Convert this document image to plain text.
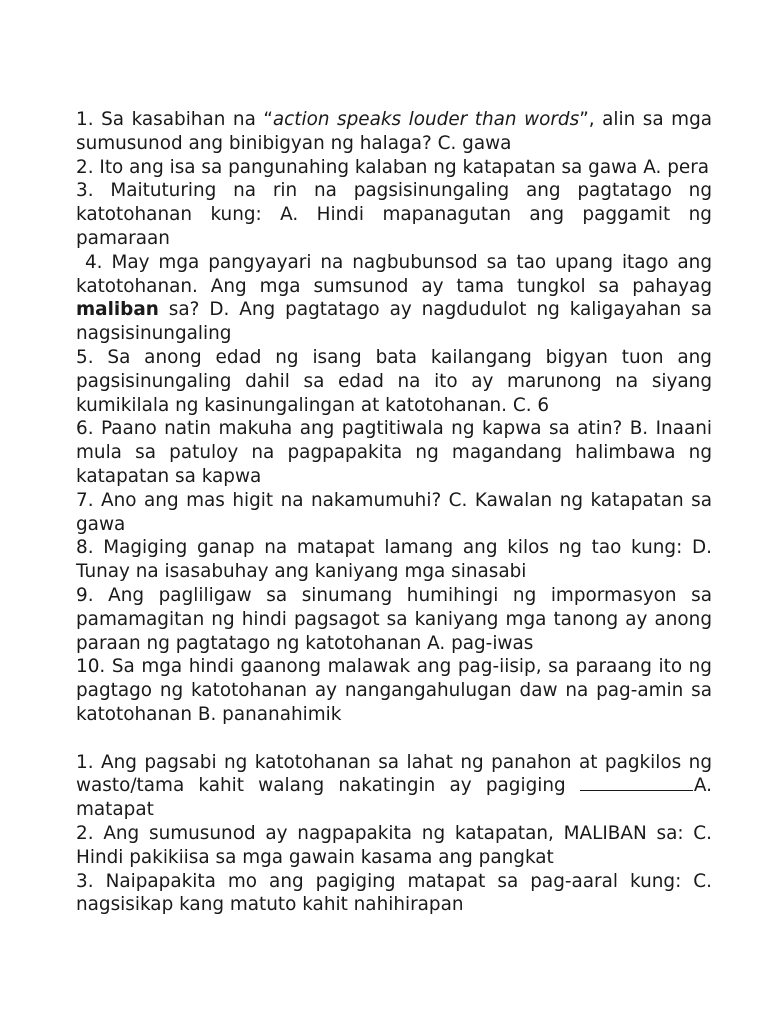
1. Sa kasabihan na “action speaks louder than words”, alin sa mga sumusunod ang binibigyan ng halaga? C. gawa

2. Ito ang isa sa pangunahing kalaban ng katapatan sa gawa A. pera

3. Maituturing na rin na pagsisinungaling ang pagtatago ng katotohanan kung: A. Hindi mapanagutan ang paggamit ng pamaraan

4. May mga pangyayari na nagbubunsod sa tao upang itago ang katotohanan. Ang mga sumsunod ay tama tungkol sa pahayag maliban sa? D. Ang pagtatago ay nagdudulot ng kaligayahan sa nagsisinungaling

5. Sa anong edad ng isang bata kailangang bigyan tuon ang pagsisinungaling dahil sa edad na ito ay marunong na siyang kumikilala ng kasinungalingan at katotohanan. C. 6

6. Paano natin makuha ang pagtitiwala ng kapwa sa atin? B. Inaani mula sa patuloy na pagpapakita ng magandang halimbawa ng katapatan sa kapwa

7. Ano ang mas higit na nakamumuhi? C. Kawalan ng katapatan sa gawa

8. Magiging ganap na matapat lamang ang kilos ng tao kung: D. Tunay na isasabuhay ang kaniyang mga sinasabi

9. Ang pagliligaw sa sinumang humihingi ng impormasyon sa pamamagitan ng hindi pagsagot sa kaniyang mga tanong ay anong paraan ng pagtatago ng katotohanan A. pag-iwas

10. Sa mga hindi gaanong malawak ang pag-iisip, sa paraang ito ng pagtago ng katotohanan ay nangangahulugan daw na pag-amin sa katotohanan B. pananahimik

1. Ang pagsabi ng katotohanan sa lahat ng panahon at pagkilos ng wasto/tama kahit walang nakatingin ay pagiging	A. matapat

2. Ang sumusunod ay nagpapakita ng katapatan, MALIBAN sa: C. Hindi pakikiisa sa mga gawain kasama ang pangkat

3. Naipapakita mo ang pagiging matapat sa pag-aaral kung: C. nagsisikap kang matuto kahit nahihirapan
